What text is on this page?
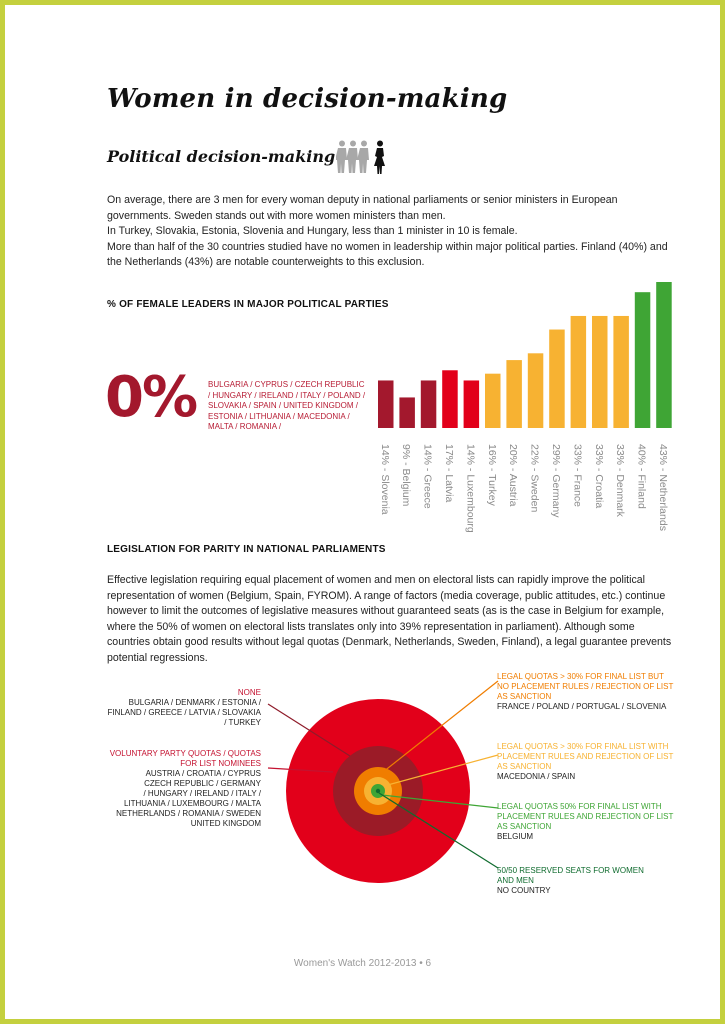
Women in decision-making
Political decision-making

On average, there are 3 men for every woman deputy in national parliaments or senior ministers in European governments. Sweden stands out with more women ministers than men.

In Turkey, Slovakia, Estonia, Slovenia and Hungary, less than 1 minister in 10 is female.

More than half of the 30 countries studied have no women in leadership within major political parties. Finland (40%) and the Netherlands (43%) are notable counterweights to this exclusion.

% OF FEMALE LEADERS IN MAJOR POLITICAL PARTIES

0% BULGARIA / CYPRUS / CZECH REPUBLIC / HUNGARY / IRELAND / ITALY / POLAND / SLOVAKIA / SPAIN / UNITED KINGDOM / ESTONIA / LITHUANIA / MACEDONIA / MALTA / ROMANIA /
14% - Slovenia 9% - Belgium 14% - Greece 17% - Latvia 14% - Luxembourg 16% - Turkey 20% - Austria 22% - Sweden 29% - Germany 33% - France 33% - Croatia 33% - Denmark 40% - Finland 43% - Netherlands
LEGISLATION FOR PARITY IN NATIONAL PARLIAMENTS

Effective legislation requiring equal placement of women and men on electoral lists can rapidly improve the political representation of women (Belgium, Spain, FYROM). A range of factors (media coverage, public attitudes, etc.) continue however to limit the outcomes of legislative measures without guaranteed seats (as is the case in Belgium for example, where the 50% of women on electoral lists translates only into 39% representation in parliament). Although some countries obtain good results without legal quotas (Denmark, Netherlands, Sweden, Finland), a legal guarantee prevents potential regressions.

NONE
BULGARIA / DENMARK / ESTONIA /
FINLAND / GREECE / LATVIA / SLOVAKIA
/ TURKEY
VOLUNTARY PARTY QUOTAS / QUOTAS
FOR LIST NOMINEES
AUSTRIA / CROATIA / CYPRUS
CZECH REPUBLIC / GERMANY
/ HUNGARY / IRELAND / ITALY /
LITHUANIA / LUXEMBOURG / MALTA
NETHERLANDS / ROMANIA / SWEDEN
UNITED KINGDOM
LEGAL QUOTAS > 30% FOR FINAL LIST BUT
NO PLACEMENT RULES / REJECTION OF LIST
AS SANCTION
FRANCE / POLAND / PORTUGAL / SLOVENIA
LEGAL QUOTAS > 30% FOR FINAL LIST WITH
PLACEMENT RULES AND REJECTION OF LIST
AS SANCTION
MACEDONIA / SPAIN
LEGAL QUOTAS 50% FOR FINAL LIST WITH
PLACEMENT RULES AND REJECTION OF LIST
AS SANCTION
BELGIUM
50/50 RESERVED SEATS FOR WOMEN
AND MEN
NO COUNTRY
Women's Watch 2012-2013 • 6
